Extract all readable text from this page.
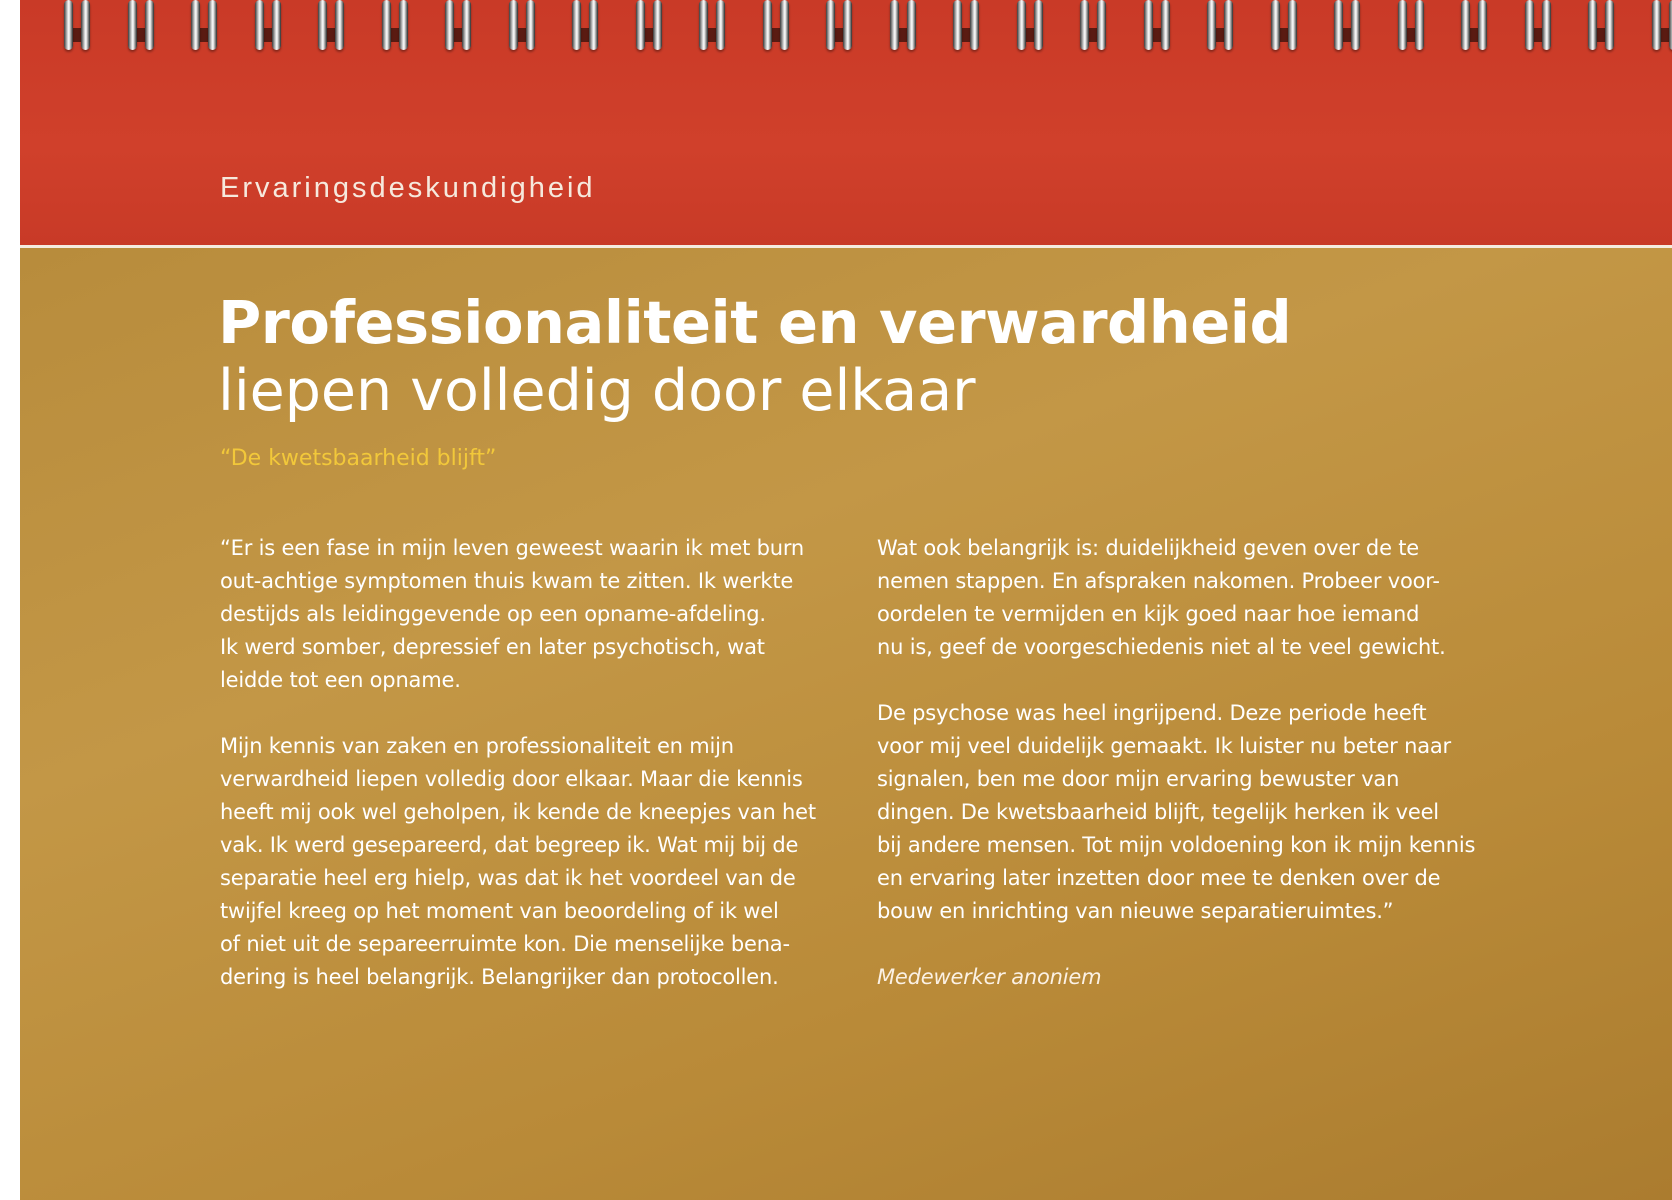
Ervaringsdeskundigheid
Professionaliteit en verwardheid
liepen volledig door elkaar
“De kwetsbaarheid blijft”

“Er is een fase in mijn leven geweest waarin ik met burn
out-achtige symptomen thuis kwam te zitten. Ik werkte
destijds als leidinggevende op een opname-afdeling.
Ik werd somber, depressief en later psychotisch, wat
leidde tot een opname.

Mijn kennis van zaken en professionaliteit en mijn
verwardheid liepen volledig door elkaar. Maar die kennis
heeft mij ook wel geholpen, ik kende de kneepjes van het
vak. Ik werd gesepareerd, dat begreep ik. Wat mij bij de
separatie heel erg hielp, was dat ik het voordeel van de
twijfel kreeg op het moment van beoordeling of ik wel
of niet uit de separeerruimte kon. Die menselijke bena-
dering is heel belangrijk. Belangrijker dan protocollen.

Wat ook belangrijk is: duidelijkheid geven over de te
nemen stappen. En afspraken nakomen. Probeer voor-
oordelen te vermijden en kijk goed naar hoe iemand
nu is, geef de voorgeschiedenis niet al te veel gewicht.

De psychose was heel ingrijpend. Deze periode heeft
voor mij veel duidelijk gemaakt. Ik luister nu beter naar
signalen, ben me door mijn ervaring bewuster van
dingen. De kwetsbaarheid blijft, tegelijk herken ik veel
bij andere mensen. Tot mijn voldoening kon ik mijn kennis
en ervaring later inzetten door mee te denken over de
bouw en inrichting van nieuwe separatieruimtes.”

Medewerker anoniem
